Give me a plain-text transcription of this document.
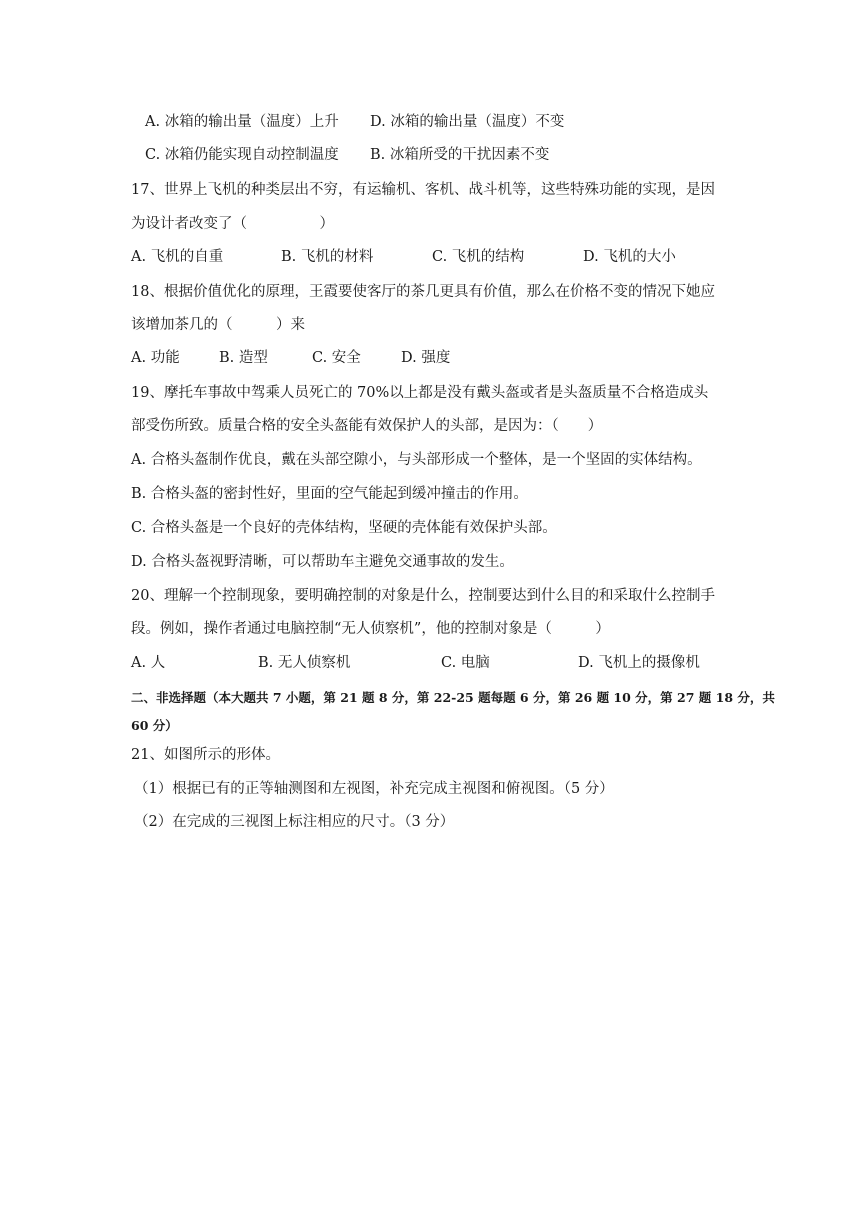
A. 冰箱的输出量（温度）上升 D. 冰箱的输出量（温度）不变
C. 冰箱仍能实现自动控制温度 B. 冰箱所受的干扰因素不变
17、世界上飞机的种类层出不穷，有运输机、客机、战斗机等，这些特殊功能的实现，是因
为设计者改变了（　　　　　）
A. 飞机的自重	B. 飞机的材料	C. 飞机的结构	D. 飞机的大小
18、根据价值优化的原理，王霞要使客厅的茶几更具有价值，那么在价格不变的情况下她应
该增加茶几的（　　　）来
A. 功能	B. 造型	C. 安全	D. 强度
19、摩托车事故中驾乘人员死亡的 70%以上都是没有戴头盔或者是头盔质量不合格造成头
部受伤所致。质量合格的安全头盔能有效保护人的头部，是因为：（　　）
A. 合格头盔制作优良，戴在头部空隙小，与头部形成一个整体，是一个坚固的实体结构。
B. 合格头盔的密封性好，里面的空气能起到缓冲撞击的作用。
C. 合格头盔是一个良好的壳体结构，坚硬的壳体能有效保护头部。
D. 合格头盔视野清晰，可以帮助车主避免交通事故的发生。
20、理解一个控制现象，要明确控制的对象是什么，控制要达到什么目的和采取什么控制手
段。例如，操作者通过电脑控制“无人侦察机”，他的控制对象是（　　　）
A. 人	B. 无人侦察机	C. 电脑	D. 飞机上的摄像机
二、非选择题（本大题共 7 小题，第 21 题 8 分，第 22-25 题每题 6 分，第 26 题 10 分，第 27 题 18 分，共
60 分）
21、如图所示的形体。
（1）根据已有的正等轴测图和左视图，补充完成主视图和俯视图。（5 分）
（2）在完成的三视图上标注相应的尺寸。（3 分）
